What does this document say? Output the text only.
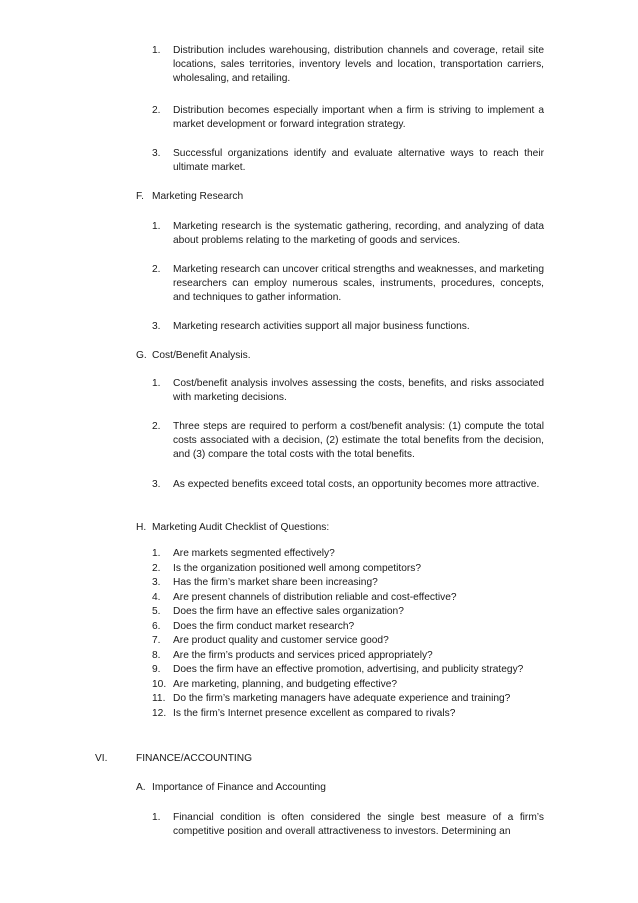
1. Distribution includes warehousing, distribution channels and coverage, retail site locations, sales territories, inventory levels and location, transportation carriers, wholesaling, and retailing.
2. Distribution becomes especially important when a firm is striving to implement a market development or forward integration strategy.
3. Successful organizations identify and evaluate alternative ways to reach their ultimate market.
F. Marketing Research
1. Marketing research is the systematic gathering, recording, and analyzing of data about problems relating to the marketing of goods and services.
2. Marketing research can uncover critical strengths and weaknesses, and marketing researchers can employ numerous scales, instruments, procedures, concepts, and techniques to gather information.
3. Marketing research activities support all major business functions.
G. Cost/Benefit Analysis.
1. Cost/benefit analysis involves assessing the costs, benefits, and risks associated with marketing decisions.
2. Three steps are required to perform a cost/benefit analysis: (1) compute the total costs associated with a decision, (2) estimate the total benefits from the decision, and (3) compare the total costs with the total benefits.
3. As expected benefits exceed total costs, an opportunity becomes more attractive.
H. Marketing Audit Checklist of Questions:
1. Are markets segmented effectively?
2. Is the organization positioned well among competitors?
3. Has the firm’s market share been increasing?
4. Are present channels of distribution reliable and cost-effective?
5. Does the firm have an effective sales organization?
6. Does the firm conduct market research?
7. Are product quality and customer service good?
8. Are the firm’s products and services priced appropriately?
9. Does the firm have an effective promotion, advertising, and publicity strategy?
10. Are marketing, planning, and budgeting effective?
11. Do the firm’s marketing managers have adequate experience and training?
12. Is the firm’s Internet presence excellent as compared to rivals?
VI.	FINANCE/ACCOUNTING
A. Importance of Finance and Accounting
1. Financial condition is often considered the single best measure of a firm’s competitive position and overall attractiveness to investors. Determining an
